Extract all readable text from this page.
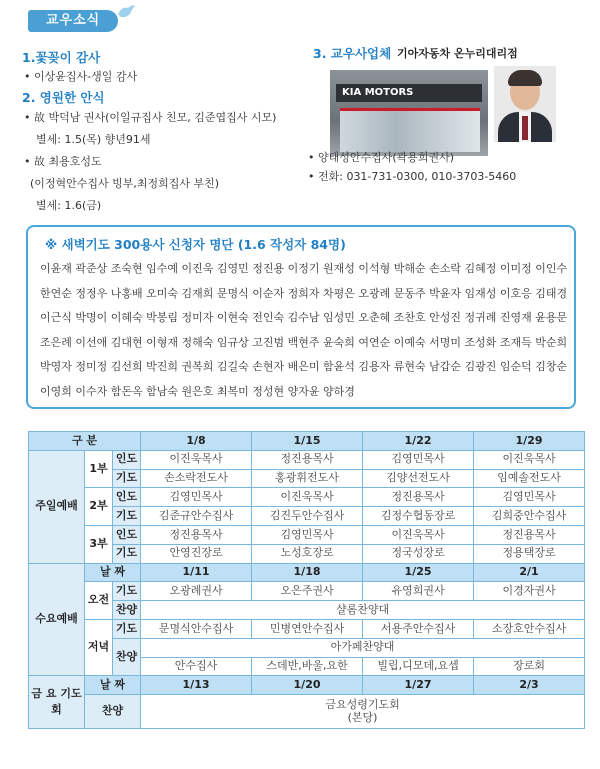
교우소식
1.꽃꽂이 감사
• 이상윤집사-생일 감사
2. 영원한 안식
• 故 박덕남 권사(이일규집사 친모, 김준엽집사 시모)
별세: 1.5(목) 향년91세
• 故 최용호성도
(이정혁안수집사 빙부,최정희집사 부친)
별세: 1.6(금)
3. 교우사업체 기아자동차 온누리대리점
KIA MOTORS
• 양태성안수집사(곽용희권사)
• 전화: 031-731-0300, 010-3703-5460
※ 새벽기도 300용사 신청자 명단 (1.6 작성자 84명)
이윤재 곽준상 조숙현 임수예 이진욱 김영민 정진용 이정기 원재성 이석형 박해순 손소락 김혜정 이미정 이인수
한연순 정정우 나홍배 오미숙 김재희 문명식 이순자 정희자 차평은 오광례 문동주 박윤자 임재성 이호응 김태경
이근식 박명이 이혜숙 박봉림 정미자 이현숙 전인숙 김수남 임성민 오춘혜 조찬호 안성진 정귀례 진영재 윤용문
조은례 이선애 김대현 이형재 정해숙 임규상 고진범 백현주 윤숙희 여연순 이예숙 서명미 조성화 조재득 박순희
박영자 정미정 김선희 박진희 권복희 김길숙 손현자 배은미 함윤석 김용자 류현숙 남갑순 김광진 임순덕 김창순
이영희 이수자 함돈옥 함남숙 원은호 최복미 정성현 양자윤 양하경
구 분			1/8	1/15	1/22	1/29
주일예배	1부	인도	이진욱목사	정진용목사	김영민목사	이진욱목사
		기도	손소락전도사	홍광휘전도사	김양선전도사	임예솔전도사
	2부	인도	김영민목사	이진욱목사	정진용목사	김영민목사
		기도	김준규안수집사	김진두안수집사	김정수협동장로	김희중안수집사
	3부	인도	정진용목사	김영민목사	이진욱목사	정진용목사
		기도	안영진장로	노성호장로	정국성장로	정용택장로
수요예배	날 짜		1/11	1/18	1/25	2/1
	오전	기도	오광례권사	오은주권사	유영희권사	이경자권사
		찬양	샬롬찬양대			
	저녁	기도	문명식안수집사	민병연안수집사	서용주안수집사	소장호안수집사
		찬양	아가페찬양대			
			안수집사	스데반,바울,요한	빌립,디모데,요셉	장로회

금 요 기도회	날 짜		1/13	1/20	1/27	2/3
	찬양		금요성령기도회
(본당)			
